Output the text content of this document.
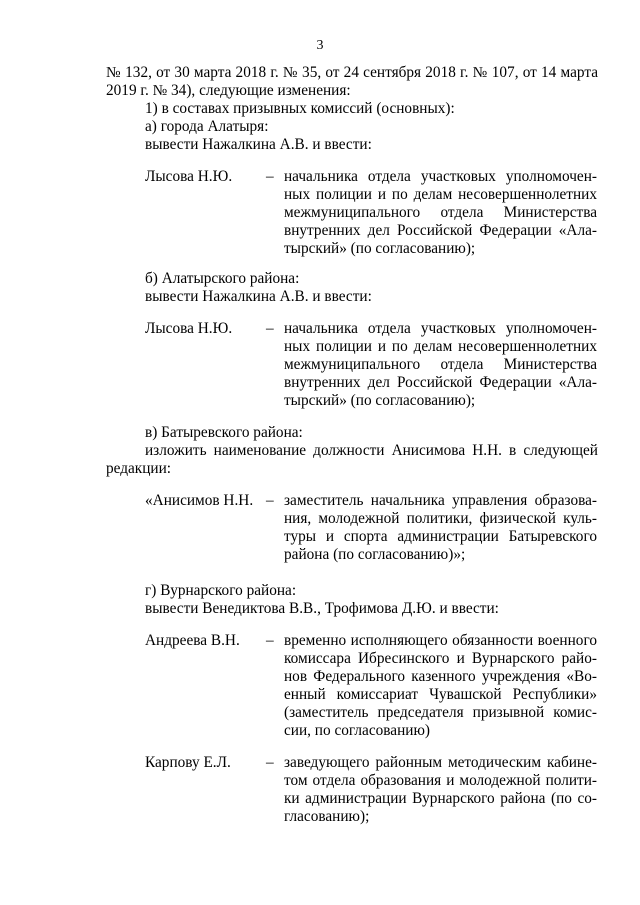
3
№ 132, от 30 марта 2018 г. № 35, от 24 сентября 2018 г. № 107, от 14 марта
2019 г. № 34), следующие изменения:
1) в составах призывных комиссий (основных):
а) города Алатыря:
вывести Нажалкина А.В. и ввести:
Лысова Н.Ю. – начальника отдела участковых уполномочен-
ных полиции и по делам несовершеннолетних
межмуниципального отдела Министерства
внутренних дел Российской Федерации «Ала-
тырский» (по согласованию);
б) Алатырского района:
вывести Нажалкина А.В. и ввести:
Лысова Н.Ю. – начальника отдела участковых уполномочен-
ных полиции и по делам несовершеннолетних
межмуниципального отдела Министерства
внутренних дел Российской Федерации «Ала-
тырский» (по согласованию);
в) Батыревского района:
изложить наименование должности Анисимова Н.Н. в следующей
редакции:
«Анисимов Н.Н. – заместитель начальника управления образова-
ния, молодежной политики, физической куль-
туры и спорта администрации Батыревского
района (по согласованию)»;
г) Вурнарского района:
вывести Венедиктова В.В., Трофимова Д.Ю. и ввести:
Андреева В.Н. – временно исполняющего обязанности военного
комиссара Ибресинского и Вурнарского райо-
нов Федерального казенного учреждения «Во-
енный комиссариат Чувашской Республики»
(заместитель председателя призывной комис-
сии, по согласованию)
Карпову Е.Л. – заведующего районным методическим кабине-
том отдела образования и молодежной полити-
ки администрации Вурнарского района (по со-
гласованию);
